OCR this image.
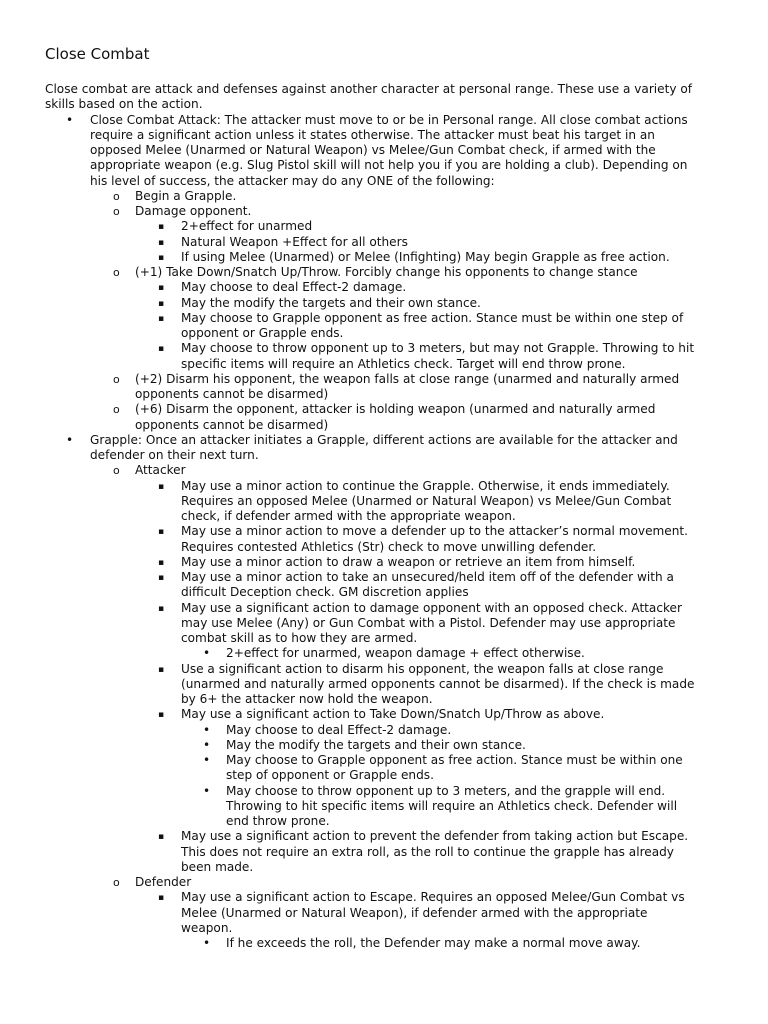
Close Combat
Close combat are attack and defenses against another character at personal range. These use a variety of
skills based on the action.
• Close Combat Attack: The attacker must move to or be in Personal range. All close combat actions
require a significant action unless it states otherwise. The attacker must beat his target in an
opposed Melee (Unarmed or Natural Weapon) vs Melee/Gun Combat check, if armed with the
appropriate weapon (e.g. Slug Pistol skill will not help you if you are holding a club). Depending on
his level of success, the attacker may do any ONE of the following:
o Begin a Grapple.
o Damage opponent.
▪ 2+effect for unarmed
▪ Natural Weapon +Effect for all others
▪ If using Melee (Unarmed) or Melee (Infighting) May begin Grapple as free action.
o (+1) Take Down/Snatch Up/Throw. Forcibly change his opponents to change stance
▪ May choose to deal Effect-2 damage.
▪ May the modify the targets and their own stance.
▪ May choose to Grapple opponent as free action. Stance must be within one step of
opponent or Grapple ends.
▪ May choose to throw opponent up to 3 meters, but may not Grapple. Throwing to hit
specific items will require an Athletics check. Target will end throw prone.
o (+2) Disarm his opponent, the weapon falls at close range (unarmed and naturally armed
opponents cannot be disarmed)
o (+6) Disarm the opponent, attacker is holding weapon (unarmed and naturally armed
opponents cannot be disarmed)
• Grapple: Once an attacker initiates a Grapple, different actions are available for the attacker and
defender on their next turn.
o Attacker
▪ May use a minor action to continue the Grapple. Otherwise, it ends immediately.
Requires an opposed Melee (Unarmed or Natural Weapon) vs Melee/Gun Combat
check, if defender armed with the appropriate weapon.
▪ May use a minor action to move a defender up to the attacker’s normal movement.
Requires contested Athletics (Str) check to move unwilling defender.
▪ May use a minor action to draw a weapon or retrieve an item from himself.
▪ May use a minor action to take an unsecured/held item off of the defender with a
difficult Deception check. GM discretion applies
▪ May use a significant action to damage opponent with an opposed check. Attacker
may use Melee (Any) or Gun Combat with a Pistol. Defender may use appropriate
combat skill as to how they are armed.
• 2+effect for unarmed, weapon damage + effect otherwise.
▪ Use a significant action to disarm his opponent, the weapon falls at close range
(unarmed and naturally armed opponents cannot be disarmed). If the check is made
by 6+ the attacker now hold the weapon.
▪ May use a significant action to Take Down/Snatch Up/Throw as above.
• May choose to deal Effect-2 damage.
• May the modify the targets and their own stance.
• May choose to Grapple opponent as free action. Stance must be within one
step of opponent or Grapple ends.
• May choose to throw opponent up to 3 meters, and the grapple will end.
Throwing to hit specific items will require an Athletics check. Defender will
end throw prone.
▪ May use a significant action to prevent the defender from taking action but Escape.
This does not require an extra roll, as the roll to continue the grapple has already
been made.
o Defender
▪ May use a significant action to Escape. Requires an opposed Melee/Gun Combat vs
Melee (Unarmed or Natural Weapon), if defender armed with the appropriate
weapon.
• If he exceeds the roll, the Defender may make a normal move away.
